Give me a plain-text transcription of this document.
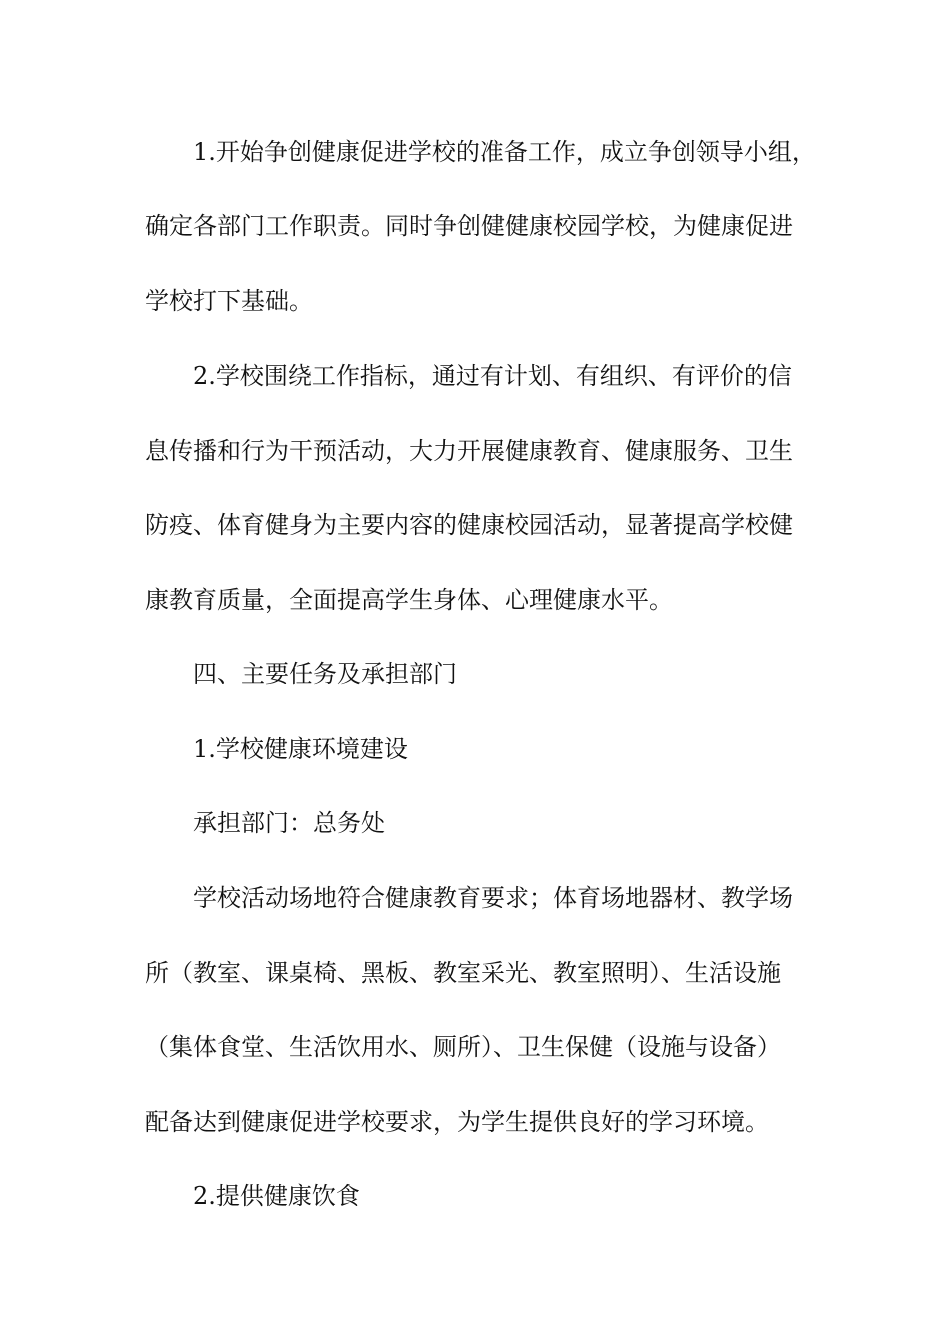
1.开始争创健康促进学校的准备工作，成立争创领导小组，
确定各部门工作职责。同时争创健健康校园学校，为健康促进
学校打下基础。
2.学校围绕工作指标，通过有计划、有组织、有评价的信
息传播和行为干预活动，大力开展健康教育、健康服务、卫生
防疫、体育健身为主要内容的健康校园活动，显著提高学校健
康教育质量，全面提高学生身体、心理健康水平。
四、主要任务及承担部门
1.学校健康环境建设
承担部门：总务处
学校活动场地符合健康教育要求；体育场地器材、教学场
所（教室、课桌椅、黑板、教室采光、教室照明）、生活设施
（集体食堂、生活饮用水、厕所）、卫生保健（设施与设备）
配备达到健康促进学校要求，为学生提供良好的学习环境。
2.提供健康饮食
